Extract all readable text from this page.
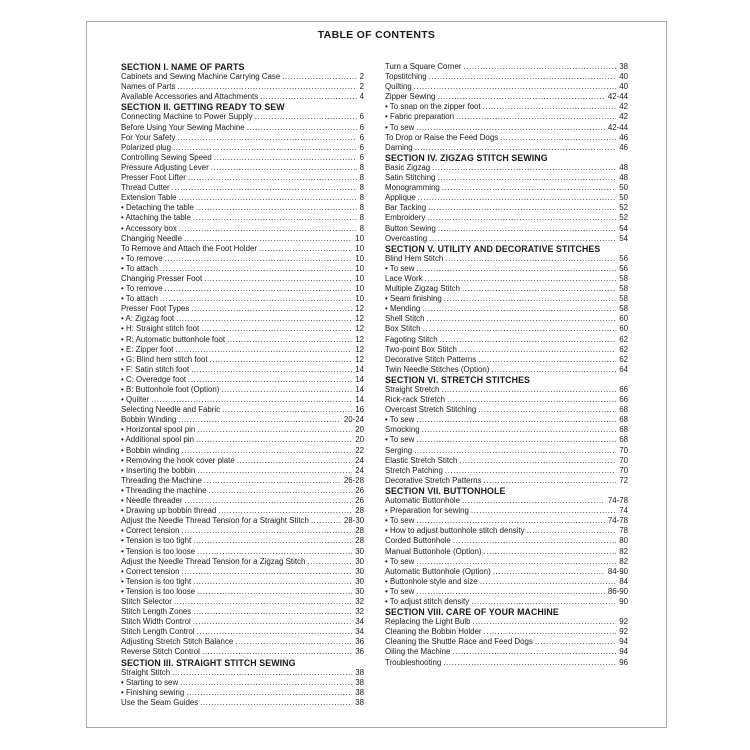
TABLE OF CONTENTS
SECTION I. NAME OF PARTS
Cabinets and Sewing Machine Carrying Case .....	2
Names of Parts .....	2
Available Accessories and Attachments .....	4
SECTION II. GETTING READY TO SEW
Connecting Machine to Power Supply .....	6
Before Using Your Sewing Machine .....	6
For Your Safety .....	6
Polarized plug .....	6
Controlling Sewing Speed .....	6
Pressure Adjusting Lever .....	8
Presser Foot Lifter .....	8
Thread Cutter .....	8
Extension Table .....	8
• Detaching the table .....	8
• Attaching the table .....	8
• Accessory box .....	8
Changing Needle .....	10
To Remove and Attach the Foot Holder .....	10
• To remove .....	10
• To attach .....	10
Changing Presser Foot .....	10
• To remove .....	10
• To attach .....	10
Presser Foot Types .....	12
• A: Zigzag foot .....	12
• H: Straight stitch foot .....	12
• R: Automatic buttonhole foot .....	12
• E: Zipper foot .....	12
• G: Blind hem stitch foot .....	12
• F: Satin stitch foot .....	14
• C: Overedge foot .....	14
• B: Buttonhole foot (Option) .....	14
• Quilter .....	14
Selecting Needle and Fabric .....	16
Bobbin Winding .....	20-24
• Horizontal spool pin .....	20
• Additional spool pin .....	20
• Bobbin winding .....	22
• Removing the hook cover plate .....	24
• Inserting the bobbin .....	24
Threading the Machine .....	26-28
• Threading the machine .....	26
• Needle threader .....	26
• Drawing up bobbin thread .....	28
Adjust the Needle Thread Tension for a Straight Stitch .....	28-30
• Correct tension .....	28
• Tension is too tight .....	28
• Tension is too loose .....	30
Adjust the Needle Thread Tension for a Zigzag Stitch .....	30
• Correct tension .....	30
• Tension is too tight .....	30
• Tension is too loose .....	30
Stitch Selector .....	32
Stitch Length Zones .....	32
Stitch Width Control .....	34
Stitch Length Control .....	34
Adjusting Stretch Stitch Balance .....	36
Reverse Stitch Control .....	36
SECTION III. STRAIGHT STITCH SEWING
Straight Stitch .....	38
• Starting to sew .....	38
• Finishing sewing .....	38
Use the Seam Guides .....	38
Turn a Square Corner .....	38
Topstitching .....	40
Quilting .....	40
Zipper Sewing .....	42-44
• To snap on the zipper foot .....	42
• Fabric preparation .....	42
• To sew .....	42-44
To Drop or Raise the Feed Dogs .....	46
Darning .....	46
SECTION IV. ZIGZAG STITCH SEWING
Basic Zigzag .....	48
Satin Stitching .....	48
Monogramming .....	50
Applique .....	50
Bar Tacking .....	52
Embroidery .....	52
Button Sewing .....	54
Overcasting .....	54
SECTION V. UTILITY AND DECORATIVE STITCHES
Blind Hem Stitch .....	56
• To sew .....	56
Lace Work .....	58
Multiple Zigzag Stitch .....	58
• Seam finishing .....	58
• Mending .....	58
Shell Stitch .....	60
Box Stitch .....	60
Fagoting Stitch .....	62
Two-point Box Stitch .....	62
Decorative Stitch Patterns .....	62
Twin Needle Stitches (Option) .....	64
SECTION VI. STRETCH STITCHES
Straight Stretch .....	66
Rick-rack Stretch .....	66
Overcast Stretch Stitching .....	68
• To sew .....	68
Smocking .....	68
• To sew .....	68
Serging .....	70
Elastic Stretch Stitch .....	70
Stretch Patching .....	70
Decorative Stretch Patterns .....	72
SECTION VII. BUTTONHOLE
Automatic Buttonhole .....	74-78
• Preparation for sewing .....	74
• To sew .....	74-78
• How to adjust buttonhole stitch density .....	78
Corded Buttonhole .....	80
Manual Buttonhole (Option) .....	82
• To sew .....	82
Automatic Buttonhole (Option) .....	84-90
• Buttonhole style and size .....	84
• To sew .....	86-90
• To adjust stitch density .....	90
SECTION VIII. CARE OF YOUR MACHINE
Replacing the Light Bulb .....	92
Cleaning the Bobbin Holder .....	92
Cleaning the Shuttle Race and Feed Dogs .....	94
Oiling the Machine .....	94
Troubleshooting .....	96
